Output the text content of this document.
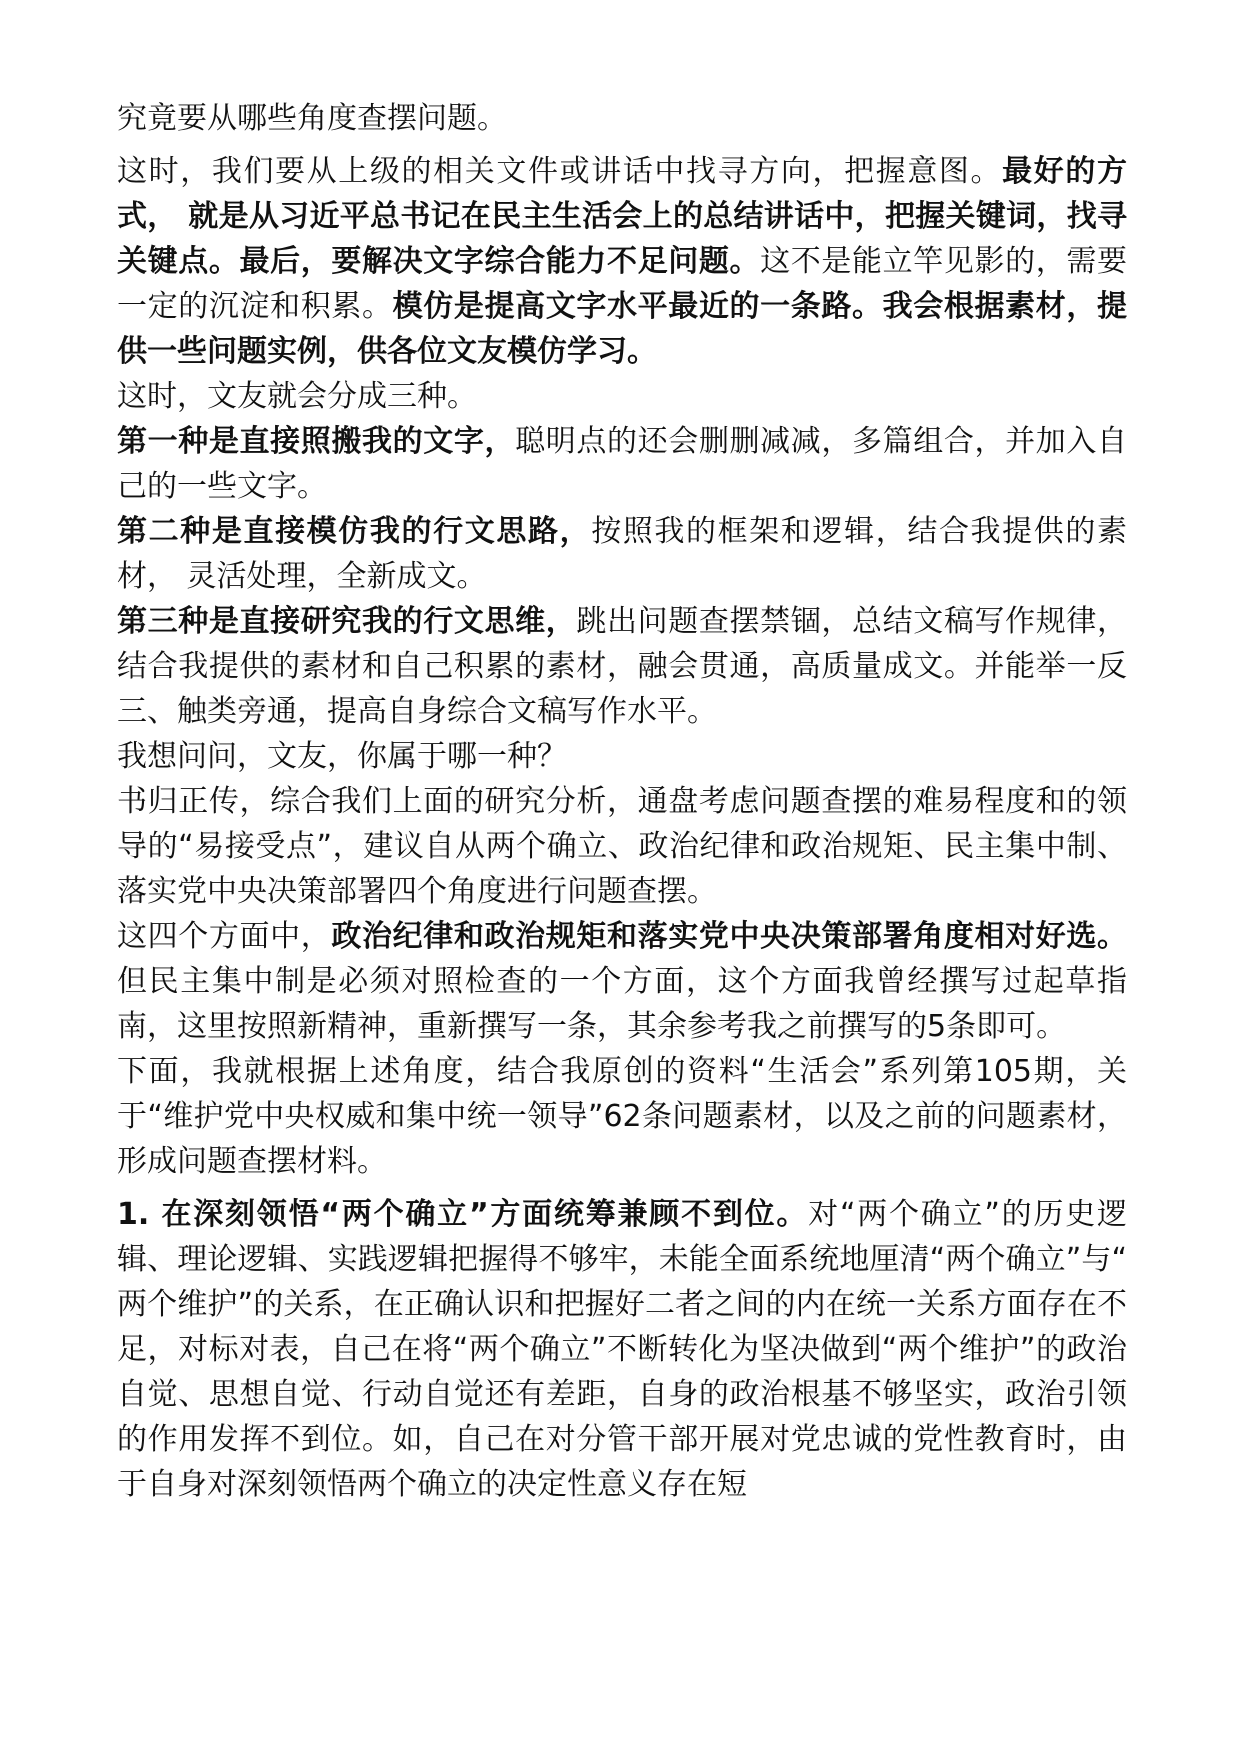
究竟要从哪些角度查摆问题。

这时，我们要从上级的相关文件或讲话中找寻方向，把握意图。最好的方式， 就是从习近平总书记在民主生活会上的总结讲话中，把握关键词，找寻关键点。最后，要解决文字综合能力不足问题。这不是能立竿见影的，需要一定的沉淀和积累。模仿是提高文字水平最近的一条路。我会根据素材，提供一些问题实例，供各位文友模仿学习。

这时，文友就会分成三种。

第一种是直接照搬我的文字，聪明点的还会删删减减，多篇组合，并加入自己的一些文字。

第二种是直接模仿我的行文思路，按照我的框架和逻辑，结合我提供的素材， 灵活处理，全新成文。

第三种是直接研究我的行文思维，跳出问题查摆禁锢，总结文稿写作规律，结合我提供的素材和自己积累的素材，融会贯通，高质量成文。并能举一反三、触类旁通，提高自身综合文稿写作水平。

我想问问，文友，你属于哪一种？

书归正传，综合我们上面的研究分析，通盘考虑问题查摆的难易程度和的领导的“易接受点”，建议自从两个确立、政治纪律和政治规矩、民主集中制、落实党中央决策部署四个角度进行问题查摆。

这四个方面中，政治纪律和政治规矩和落实党中央决策部署角度相对好选。但民主集中制是必须对照检查的一个方面，这个方面我曾经撰写过起草指南，这里按照新精神，重新撰写一条，其余参考我之前撰写的5条即可。

下面，我就根据上述角度，结合我原创的资料“生活会”系列第105期，关于“维护党中央权威和集中统一领导”62条问题素材，以及之前的问题素材，形成问题查摆材料。

1. 在深刻领悟“两个确立”方面统筹兼顾不到位。对“两个确立”的历史逻辑、理论逻辑、实践逻辑把握得不够牢，未能全面系统地厘清“两个确立”与“ 两个维护”的关系，在正确认识和把握好二者之间的内在统一关系方面存在不足，对标对表，自己在将“两个确立”不断转化为坚决做到“两个维护”的政治自觉、思想自觉、行动自觉还有差距，自身的政治根基不够坚实，政治引领的作用发挥不到位。如，自己在对分管干部开展对党忠诚的党性教育时，由于自身对深刻领悟两个确立的决定性意义存在短
